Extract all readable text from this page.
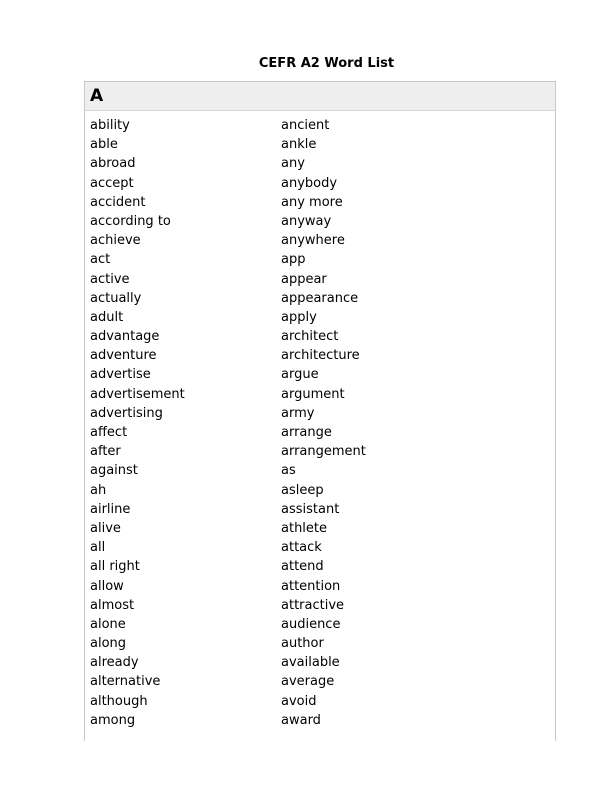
CEFR A2 Word List
A
ability
able
abroad
accept
accident
according to
achieve
act
active
actually
adult
advantage
adventure
advertise
advertisement
advertising
affect
after
against
ah
airline
alive
all
all right
allow
almost
alone
along
already
alternative
although
among
ancient
ankle
any
anybody
any more
anyway
anywhere
app
appear
appearance
apply
architect
architecture
argue
argument
army
arrange
arrangement
as
asleep
assistant
athlete
attack
attend
attention
attractive
audience
author
available
average
avoid
award
